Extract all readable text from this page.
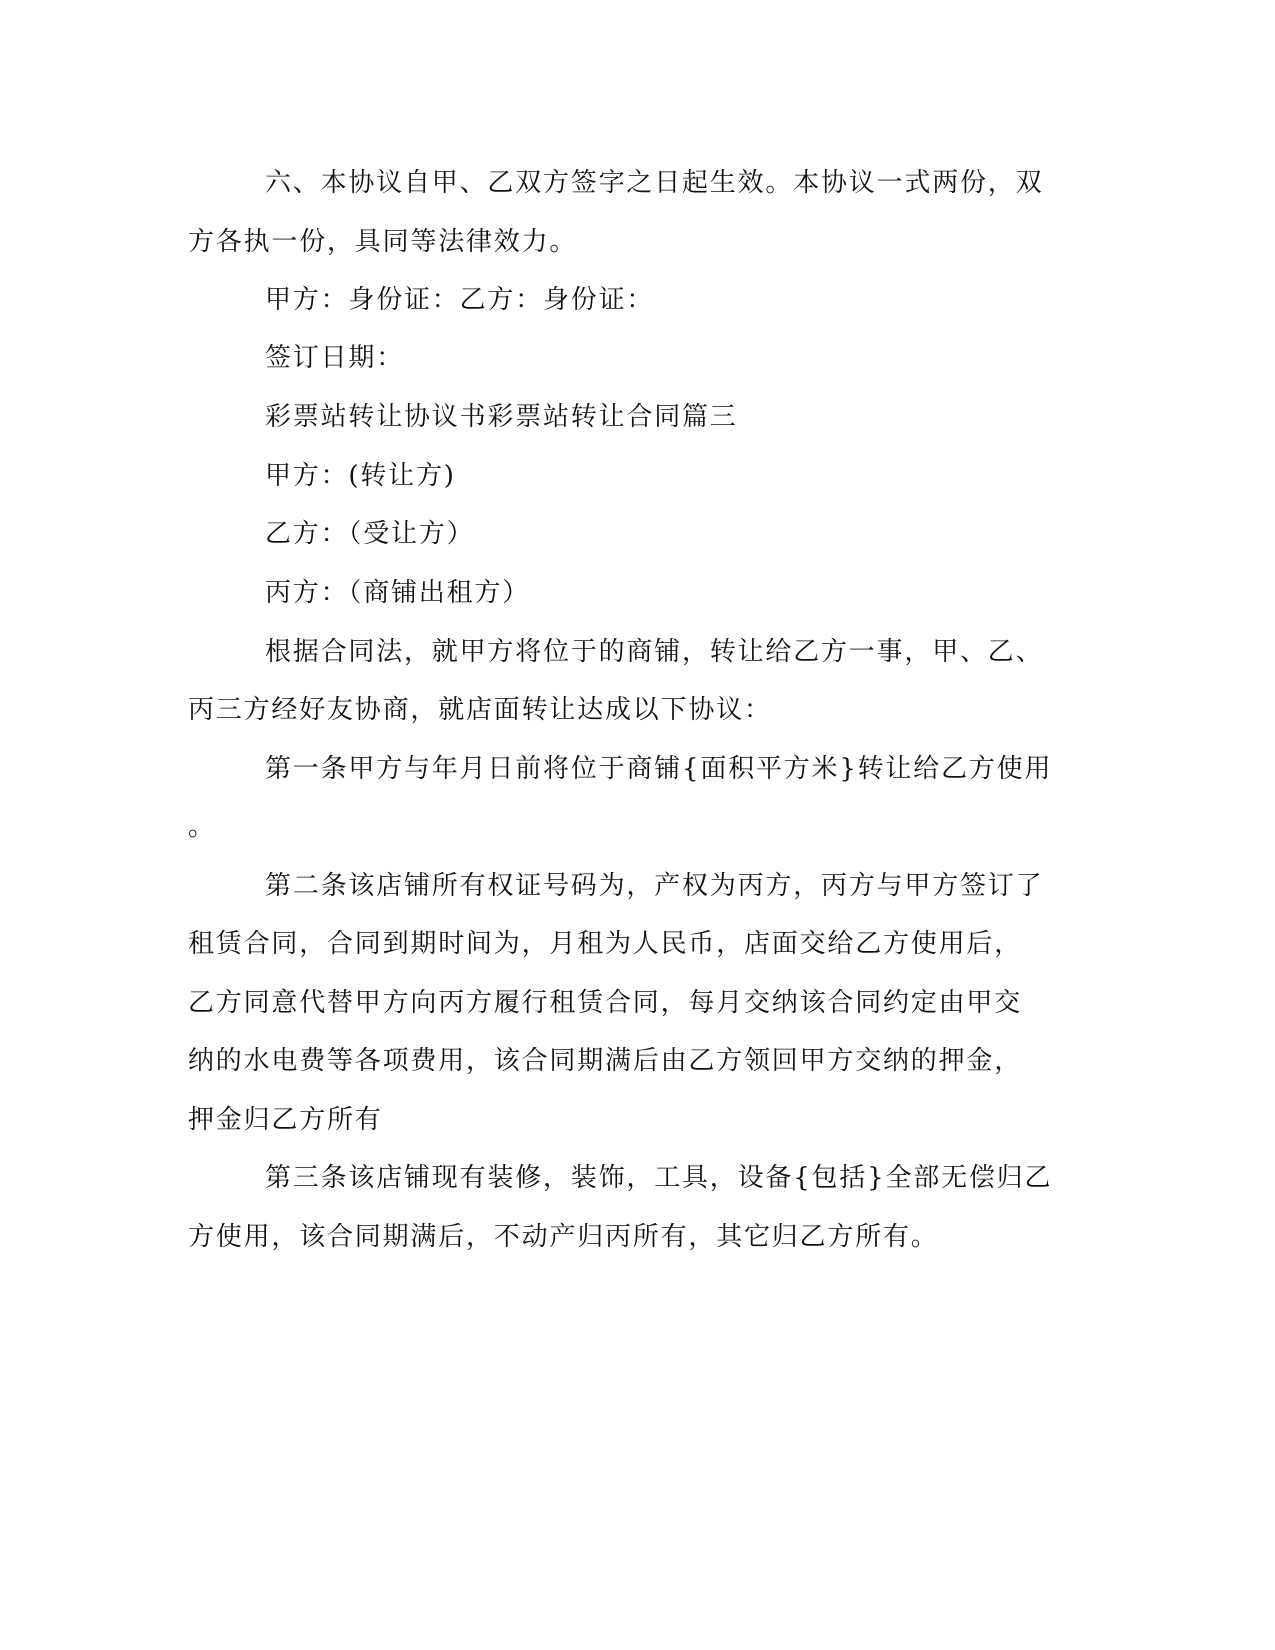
六、本协议自甲、乙双方签字之日起生效。本协议一式两份，双

方各执一份，具同等法律效力。

甲方：身份证：乙方：身份证：

签订日期：

彩票站转让协议书彩票站转让合同篇三

甲方：(转让方)

乙方：（受让方）

丙方：（商铺出租方）

根据合同法，就甲方将位于的商铺，转让给乙方一事，甲、乙、

丙三方经好友协商，就店面转让达成以下协议：

第一条甲方与年月日前将位于商铺{面积平方米}转让给乙方使用

。

第二条该店铺所有权证号码为，产权为丙方，丙方与甲方签订了

租赁合同，合同到期时间为，月租为人民币，店面交给乙方使用后，

乙方同意代替甲方向丙方履行租赁合同，每月交纳该合同约定由甲交

纳的水电费等各项费用，该合同期满后由乙方领回甲方交纳的押金，

押金归乙方所有

第三条该店铺现有装修，装饰，工具，设备{包括}全部无偿归乙

方使用，该合同期满后，不动产归丙所有，其它归乙方所有。
